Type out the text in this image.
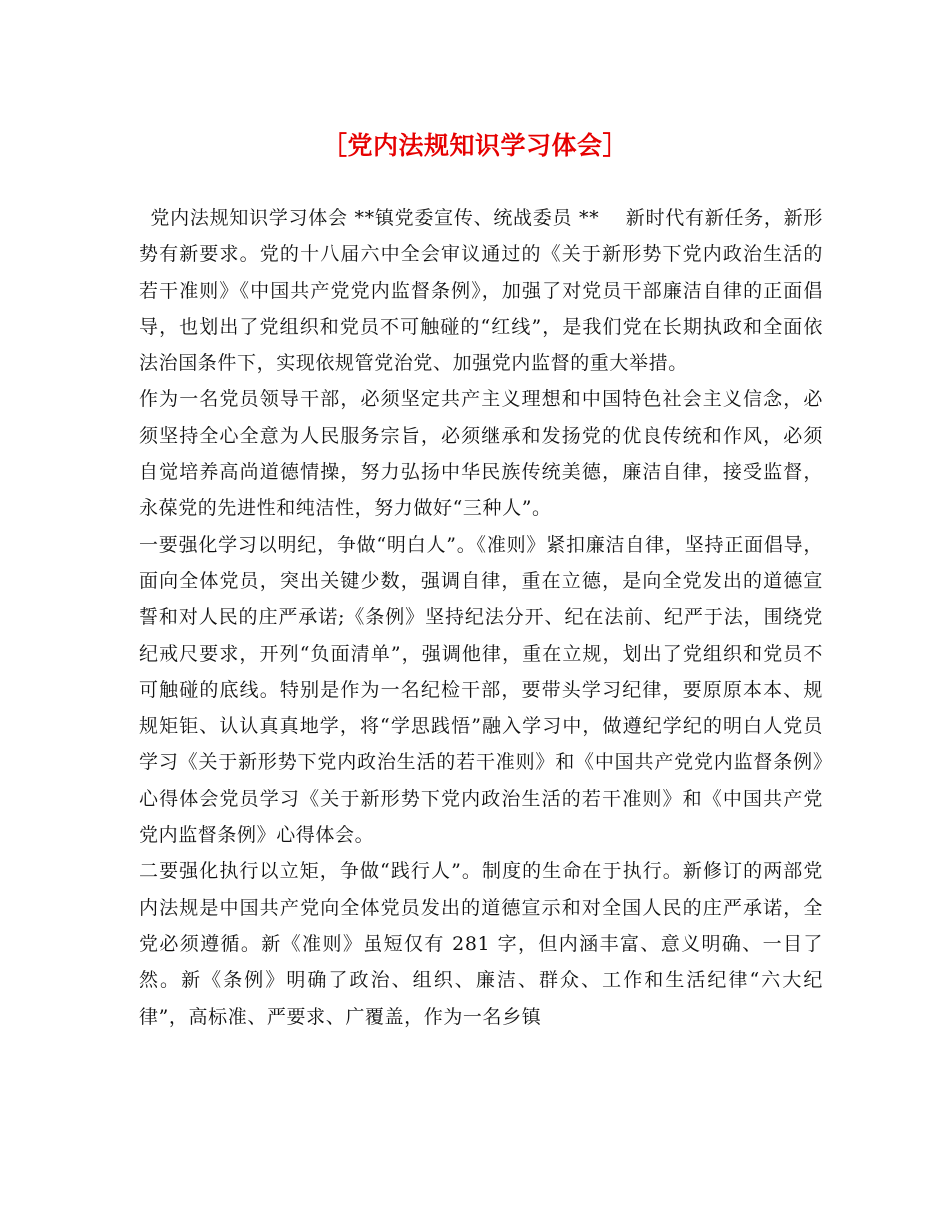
［党内法规知识学习体会］

党内法规知识学习体会 **镇党委宣传、统战委员 ** 　新时代有新任务，新形势有新要求。党的十八届六中全会审议通过的《关于新形势下党内政治生活的若干准则》《中国共产党党内监督条例》，加强了对党员干部廉洁自律的正面倡导，也划出了党组织和党员不可触碰的“红线”，是我们党在长期执政和全面依法治国条件下，实现依规管党治党、加强党内监督的重大举措。

作为一名党员领导干部，必须坚定共产主义理想和中国特色社会主义信念，必须坚持全心全意为人民服务宗旨，必须继承和发扬党的优良传统和作风，必须自觉培养高尚道德情操，努力弘扬中华民族传统美德，廉洁自律，接受监督，永葆党的先进性和纯洁性，努力做好“三种人”。

一要强化学习以明纪，争做“明白人”。《准则》紧扣廉洁自律，坚持正面倡导，面向全体党员，突出关键少数，强调自律，重在立德，是向全党发出的道德宣誓和对人民的庄严承诺;《条例》坚持纪法分开、纪在法前、纪严于法，围绕党纪戒尺要求，开列“负面清单”，强调他律，重在立规，划出了党组织和党员不可触碰的底线。特别是作为一名纪检干部，要带头学习纪律，要原原本本、规规矩钜、认认真真地学，将“学思践悟”融入学习中，做遵纪学纪的明白人党员学习《关于新形势下党内政治生活的若干准则》和《中国共产党党内监督条例》心得体会党员学习《关于新形势下党内政治生活的若干准则》和《中国共产党党内监督条例》心得体会。

二要强化执行以立矩，争做“践行人”。制度的生命在于执行。新修订的两部党内法规是中国共产党向全体党员发出的道德宣示和对全国人民的庄严承诺，全党必须遵循。新《准则》虽短仅有 281 字，但内涵丰富、意义明确、一目了然。新《条例》明确了政治、组织、廉洁、群众、工作和生活纪律“六大纪律”，高标准、严要求、广覆盖，作为一名乡镇
